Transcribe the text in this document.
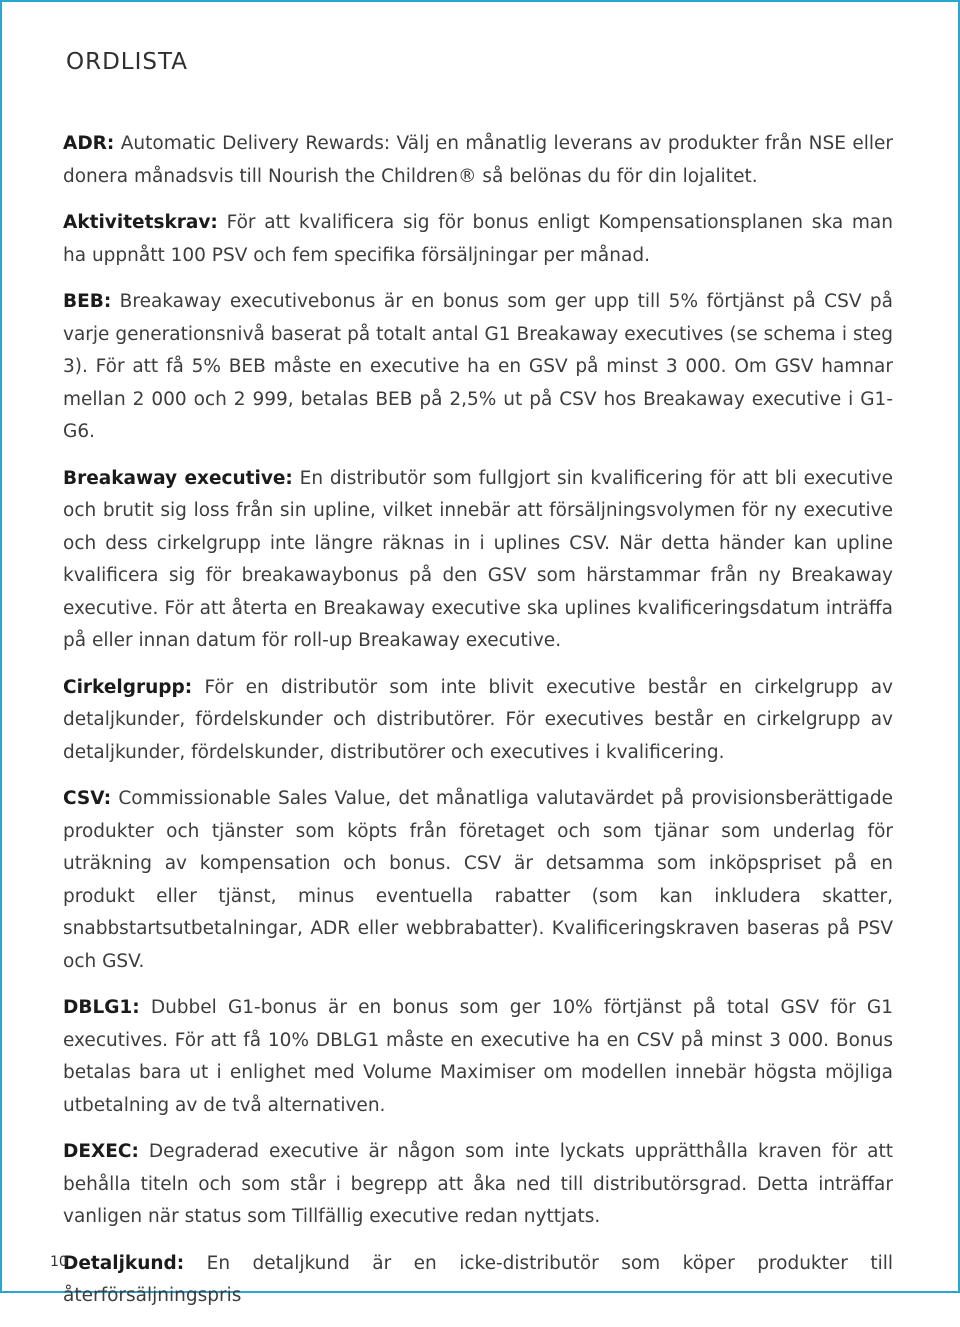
ORDLISTA

ADR: Automatic Delivery Rewards: Välj en månatlig leverans av produkter från NSE eller donera månadsvis till Nourish the Children® så belönas du för din lojalitet.

Aktivitetskrav: För att kvalificera sig för bonus enligt Kompensationsplanen ska man ha uppnått 100 PSV och fem specifika försäljningar per månad.

BEB: Breakaway executivebonus är en bonus som ger upp till 5% förtjänst på CSV på varje generationsnivå baserat på totalt antal G1 Breakaway executives (se schema i steg 3). För att få 5% BEB måste en executive ha en GSV på minst 3 000. Om GSV hamnar mellan 2 000 och 2 999, betalas BEB på 2,5% ut på CSV hos Breakaway executive i G1-G6.

Breakaway executive: En distributör som fullgjort sin kvalificering för att bli executive och brutit sig loss från sin upline, vilket innebär att försäljningsvolymen för ny executive och dess cirkelgrupp inte längre räknas in i uplines CSV. När detta händer kan upline kvalificera sig för breakawaybonus på den GSV som härstammar från ny Breakaway executive. För att återta en Breakaway executive ska uplines kvalificeringsdatum inträffa på eller innan datum för roll-up Breakaway executive.

Cirkelgrupp: För en distributör som inte blivit executive består en cirkelgrupp av detaljkunder, fördelskunder och distributörer. För executives består en cirkelgrupp av detaljkunder, fördelskunder, distributörer och executives i kvalificering.

CSV: Commissionable Sales Value, det månatliga valutavärdet på provisionsberättigade produkter och tjänster som köpts från företaget och som tjänar som underlag för uträkning av kompensation och bonus. CSV är detsamma som inköpspriset på en produkt eller tjänst, minus eventuella rabatter (som kan inkludera skatter, snabbstartsutbetalningar, ADR eller webbrabatter). Kvalificeringskraven baseras på PSV och GSV.

DBLG1: Dubbel G1-bonus är en bonus som ger 10% förtjänst på total GSV för G1 executives. För att få 10% DBLG1 måste en executive ha en CSV på minst 3 000. Bonus betalas bara ut i enlighet med Volume Maximiser om modellen innebär högsta möjliga utbetalning av de två alternativen.

DEXEC: Degraderad executive är någon som inte lyckats upprätthålla kraven för att behålla titeln och som står i begrepp att åka ned till distributörsgrad. Detta inträffar vanligen när status som Tillfällig executive redan nyttjats.

Detaljkund: En detaljkund är en icke-distributör som köper produkter till återförsäljningspris

10
